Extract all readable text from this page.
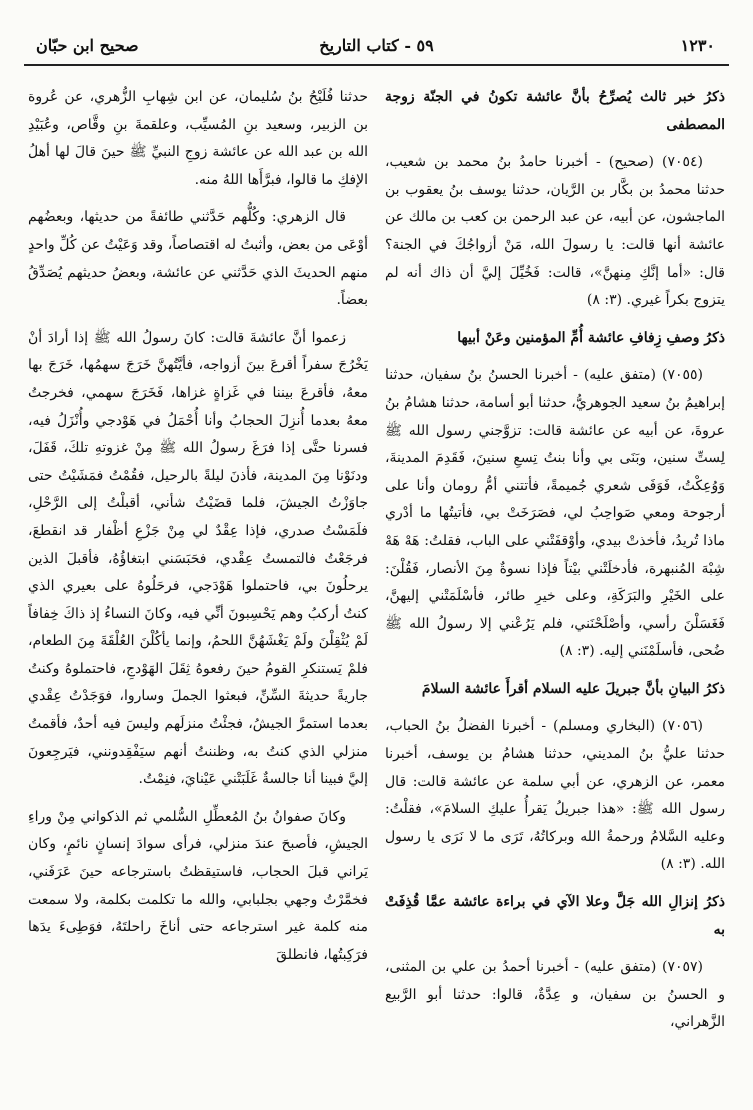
صحيح ابن حبّان	٥٩ - كتاب التاريخ	١٢٣٠

ذكرُ خبر ثالث يُصرِّحُ بأنَّ عائشة تكونُ في الجنّة زوجة المصطفى

(٧٠٥٤) (صحيح) - أخبرنا حامدُ بنُ محمد بن شعيب، حدثنا محمدُ بن بكَّار بن الرَّيان، حدثنا يوسف بنُ يعقوب بن الماجشون، عن أبيه، عن عبد الرحمن بن كعب بن مالك عن عائشة أنها قالت: يا رسولَ الله، مَنْ أزواجُكَ في الجنة؟ قال: «أما إنَّكِ مِنهنَّ»، قالت: فَخُيِّلَ إليَّ أن ذاك أنه لم يتزوج بكراً غيري. (٣: ٨)

ذكرُ وصفِ زِفافِ عائشة أُمِّ المؤمنين وعَنْ أبيها

(٧٠٥٥) (متفق عليه) - أخبرنا الحسنُ بنُ سفيان، حدثنا إبراهيمُ بنُ سعيد الجوهريُّ، حدثنا أبو أسامة، حدثنا هشامُ بنُ عروةَ، عن أبيه عن عائشة قالت: تزوَّجني رسول الله ﷺ لِستِّ سنين، وبَنَى بي وأنا بنتُ تِسعِ سنينَ، فَقَدِمَ المدينةَ، وَوُعِكْتُ، فَوَفَى شعري جُميمةً، فأتتني أمُّ رومان وأنا على أرجوحة ومعي صَواحِبُ لي، فصَرَخَتْ بي، فأتيتُها ما أدْري ماذا تُريدُ، فأخذتْ بيدي، وأوْقفَتْني على الباب، فقلتُ: هَهْ هَهْ شِبْهَ المُنبهرة، فأدخلَتْني بيْتاً فإذا نسوةٌ مِنَ الأنصار، فَقُلْنَ: على الخَيْرِ والبَرَكَةِ، وعلى خيرِ طائر، فأسْلَمَتْني إليهنَّ، فَغَسَلْنَ رأسي، وأصْلَحْنَني، فلم يَرُعْني إلا رسولُ الله ﷺ ضُحى، فأسلَمْنَني إليه. (٣: ٨)

ذكرُ البيانِ بأنَّ جبريلَ عليه السلام أقرأَ عائشة السلامَ

(٧٠٥٦) (البخاري ومسلم) - أخبرنا الفضلُ بنُ الحباب، حدثنا عليُّ بنُ المديني، حدثنا هشامُ بن يوسف، أخبرنا معمر، عن الزهري، عن أبي سلمة عن عائشة قالت: قال رسول الله ﷺ: «هذا جبريلُ يَقرأُ عليكِ السلامَ»، فقلْتُ: وعليه السَّلامُ ورحمةُ الله وبركاتُهُ، تَرَى ما لا نَرَى يا رسول الله. (٣: ٨)

ذكرُ إنزالِ الله جَلَّ وعلا الآي في براءة عائشة عمَّا قُذِفَتْ به

(٧٠٥٧) (متفق عليه) - أخبرنا أحمدُ بن علي بن المثنى، و الحسنُ بن سفيان، و عِدَّةٌ، قالوا: حدثنا أبو الرَّبيع الزَّهراني،

حدثنا فُلَيْحُ بنُ سُليمان، عن ابن شِهابِ الزُّهري، عن عُروة بن الزبير، وسعيد بنِ المُسيِّب، وعلقمةَ بنِ وقَّاص، وعُبَيْدِ الله بن عبد الله عن عائشة زوجِ النبيِّ ﷺ حينَ قالَ لها أهلُ الإفكِ ما قالوا، فبرَّأَها اللهُ منه.

قال الزهري: وكُلُّهم حَدَّثني طائفةً من حديثها، وبعضُهم أوْعَى من بعض، وأثبتُ له اقتصاصاً، وقد وَعَيْتُ عن كُلِّ واحدٍ منهم الحديثَ الذي حَدَّثني عن عائشة، وبعضُ حديثهم يُصَدِّقُ بعضاً.

زعموا أنَّ عائشةَ قالت: كانَ رسولُ الله ﷺ إذا أرادَ أنْ يَخْرُجَ سفراً أقرعَ بينَ أزواجه، فأيَّتُهنَّ خَرَجَ سهمُها، خَرَجَ بها معهُ، فأقرعَ بيننا في غَزاةٍ غزاها، فَخَرَجَ سهمي، فخرجتُ معهُ بعدما أُنزِلَ الحجابُ وأنا أُحْمَلُ في هَوْدجي وأُنْزَلُ فيه، فسرنا حتَّى إذا فرَغَ رسولُ الله ﷺ مِنْ غزوتهِ تلكَ، قَفَلَ، ودنَوْنا مِنَ المدينة، فأذنَ ليلةً بالرحيل، فقُمْتُ فمَشَيْتُ حتى جاوَزْتُ الجيشَ، فلما قضَيْتُ شأني، أقبلْتُ إلى الرَّحْلِ، فلَمَسْتُ صدري، فإذا عِقْدٌ لي مِنْ جَزْعِ أظْفار قد انقطعَ، فرجَعْتُ فالتمستُ عِقْدي، فحَبَسَني ابتغاؤُهُ، فأقبلَ الذين يرحلُونَ بي، فاحتملوا هَوْدَجي، فرحَلُوهُ على بعيري الذي كنتُ أركبُ وهم يَحْسِبونَ أنِّي فيه، وكانَ النساءُ إذ ذاكَ خِفافاً لَمْ يُثْقِلْنَ ولَمْ يَغْشَهُنَّ اللحمُ، وإنما يأكُلْنَ العُلْقَةَ مِنَ الطعام، فلمْ يَستنكرِ القومُ حينَ رفعوهُ ثِقَلَ الهَوْدجِ، فاحتملوهُ وكنتُ جاريةً حديثةَ السِّنِّ، فبعثوا الجملَ وساروا، فوَجَدْتُ عِقْدي بعدما استمرَّ الجيشُ، فجئْتُ منزلَهم وليسَ فيه أحدٌ، فأقمتُ منزلي الذي كنتُ به، وظننتُ أنهم سيَفْقِدونني، فيَرجِعونَ إليَّ فبينا أنا جالسةٌ غَلَبَتْني عَيْنايَ، فنِمْتُ.

وكانَ صفوانُ بنُ المُعطِّلِ السُّلمي ثم الذكواني مِنْ وراءِ الجيشِ، فأصبحَ عندَ منزلي، فرأى سوادَ إنسانٍ نائمٍ، وكان يَراني قبلَ الحجاب، فاستيقظتُ باسترجاعه حينَ عَرَفَني، فخمَّرْتُ وجهي بجلبابي، والله ما تكلمت بكلمة، ولا سمعت منه كلمة غير استرجاعه حتى أناخَ راحلتَهُ، فوَطِىءَ يدَها فرَكِبتُها، فانطلقَ
